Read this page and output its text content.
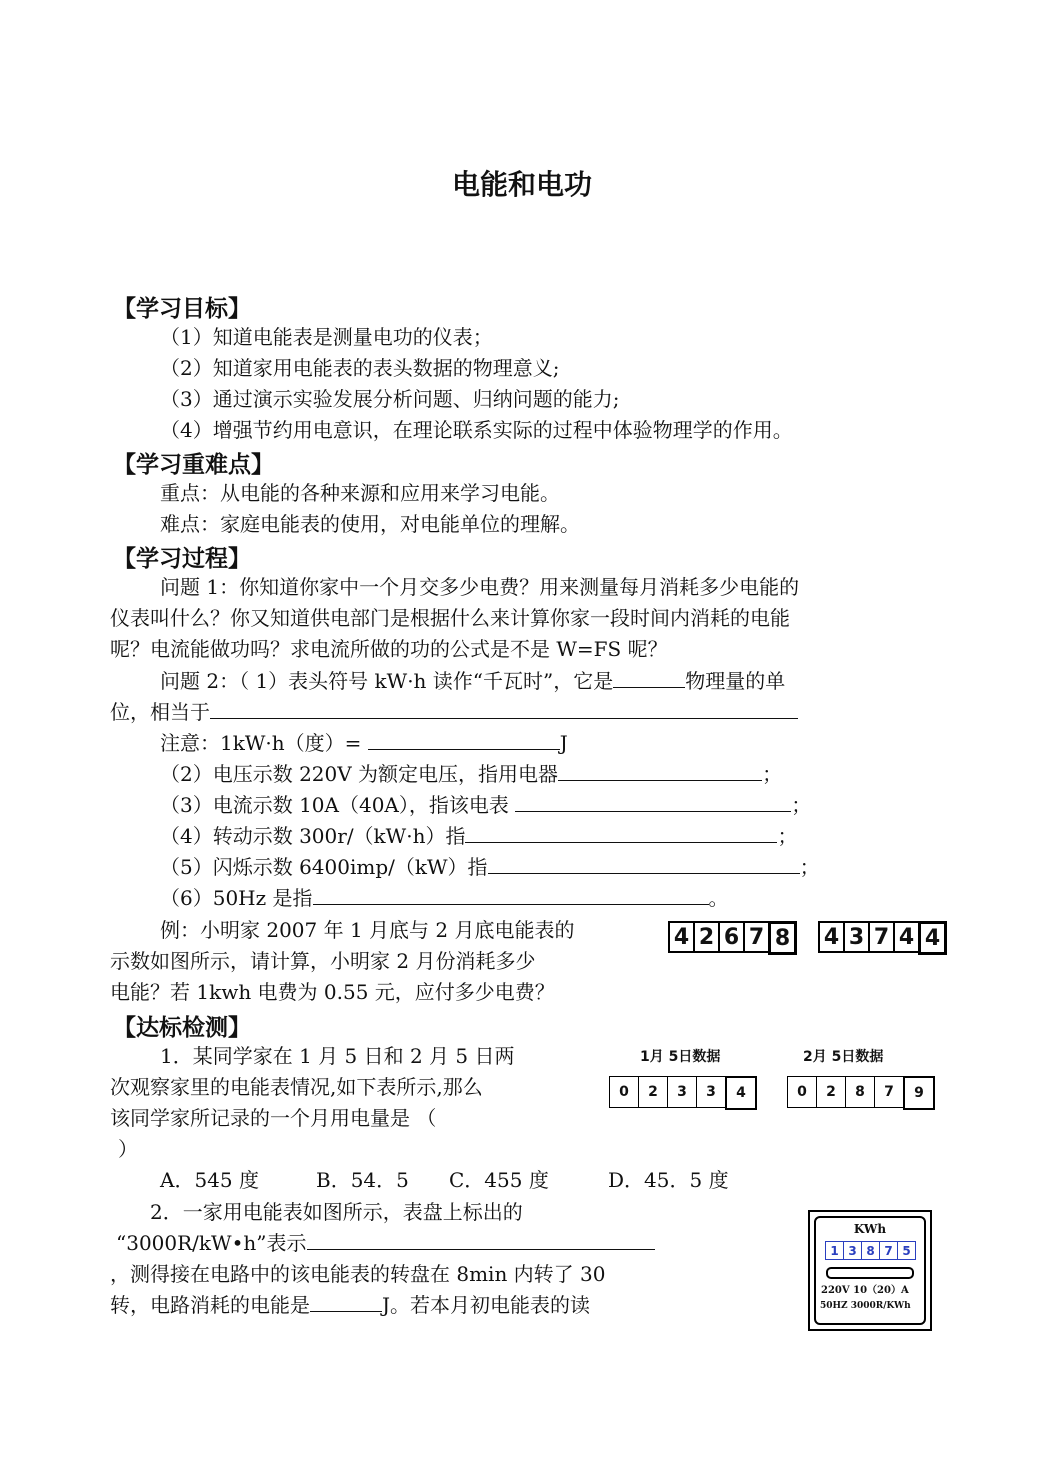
电能和电功
【学习目标】
（1）知道电能表是测量电功的仪表；
（2）知道家用电能表的表头数据的物理意义;
（3）通过演示实验发展分析问题、归纳问题的能力;
（4）增强节约用电意识，在理论联系实际的过程中体验物理学的作用。
【学习重难点】
重点：从电能的各种来源和应用来学习电能。
难点：家庭电能表的使用，对电能单位的理解。
【学习过程】
问题 1：你知道你家中一个月交多少电费？用来测量每月消耗多少电能的
仪表叫什么？你又知道供电部门是根据什么来计算你家一段时间内消耗的电能
呢？电流能做功吗？求电流所做的功的公式是不是 W=FS 呢？
问题 2：（ 1）表头符号 kW·h 读作“千瓦时”，它是	物理量的单
位，相当于
注意：1kW·h（度）=	J
（2）电压示数 220V 为额定电压，指用电器	；
（3）电流示数 10A（40A），指该电表	；
（4）转动示数 300r/（kW·h）指	；
（5）闪烁示数 6400imp/（kW）指	；
（6）50Hz 是指	。
例：小明家 2007 年 1 月底与 2 月底电能表的
示数如图所示，请计算，小明家 2 月份消耗多少
电能？若 1kwh 电费为 0.55 元，应付多少电费？
4 2 6 7 8	4 3 7 4 4
【达标检测】
1．某同学家在 1 月 5 日和 2 月 5 日两
次观察家里的电能表情况,如下表所示,那么
该同学家所记录的一个月用电量是 （
）
1月 5日数据	2月 5日数据
0	2	3	3	4	0	2	8	7	9
A．545 度	B．54．5 C．455 度	D．45．5 度
2．一家用电能表如图所示，表盘上标出的
“3000R/kW•h”表示
，测得接在电路中的该电能表的转盘在 8min 内转了 30
转，电路消耗的电能是	J。若本月初电能表的读
KWh
1 3 8 7 5
220V 10（20）A
50HZ 3000R/KWh
